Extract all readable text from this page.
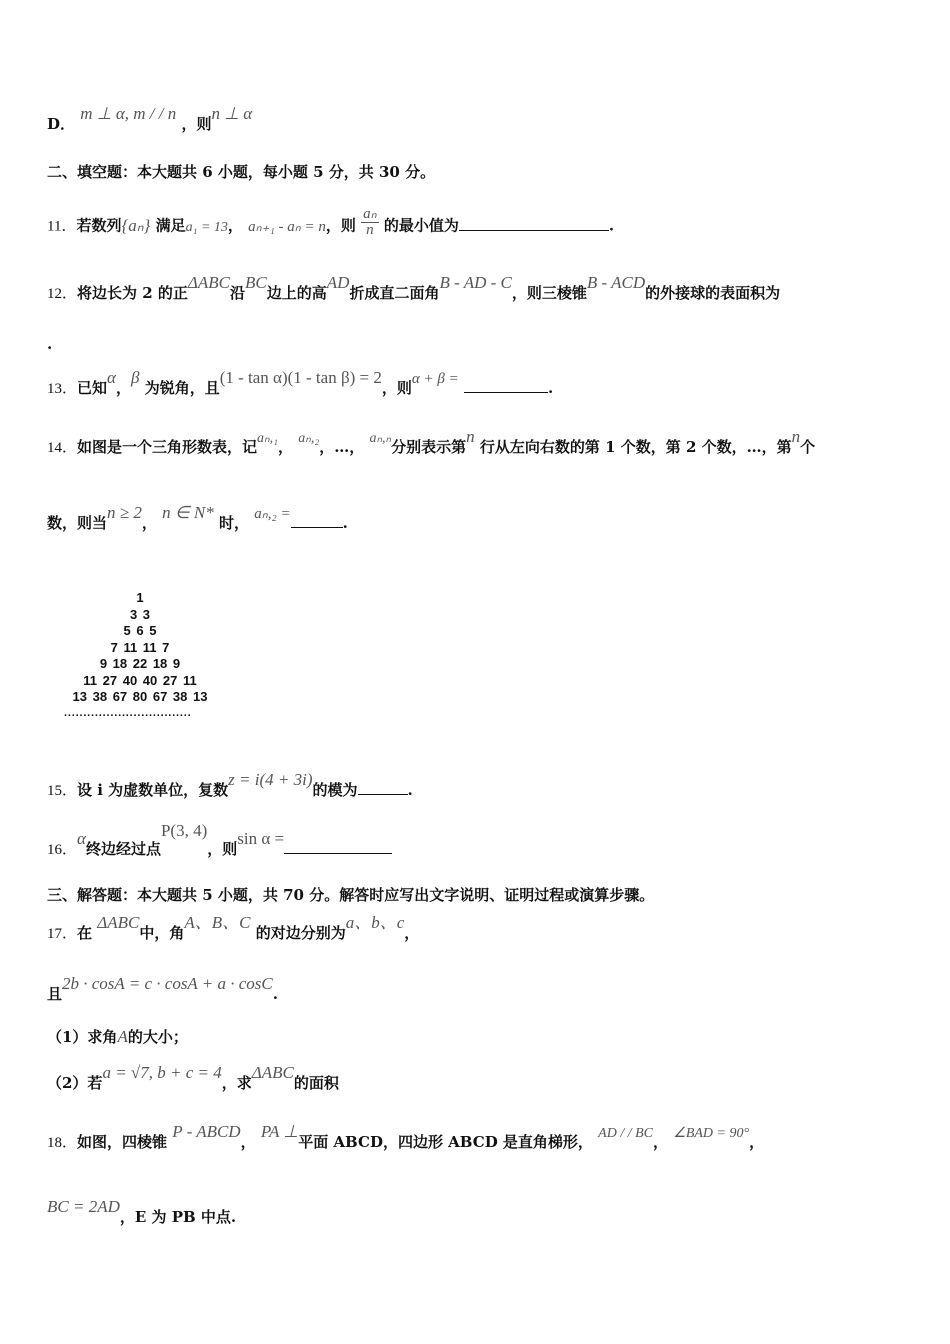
D． m ⊥ α, m / / n ，则n ⊥ α
二、填空题：本大题共 6 小题，每小题 5 分，共 30 分。
11．若数列{aₙ} 满足a₁ = 13， aₙ₊₁ - aₙ = n，则 $\frac{\text{aₙ}}{n}$ 的最小值为	.
12．将边长为 2 的正ΔABC沿BC边上的高AD折成直二面角B - AD - C，则三棱锥B - ACD的外接球的表面积为
.
13．已知α，β 为锐角，且(1 - tan α)(1 - tan β) = 2，则α + β =	.
14．如图是一个三角形数表，记aₙ,₁， aₙ,₂，…， aₙ,ₙ分别表示第n 行从左向右数的第 1 个数，第 2 个数，…，第n个
数，则当n ≥ 2， n ∈ N* 时， aₙ,₂ =	.
1
3 3
5 6 5
7 11 11 7
9 18 22 18 9
11 27 40 40 27 11
13 38 67 80 67 38 13
·································
15．设 i 为虚数单位，复数z = i(4 + 3i)的模为	.
16．α终边经过点P(3, 4)，则sin α =
三、解答题：本大题共 5 小题，共 70 分。解答时应写出文字说明、证明过程或演算步骤。
17．在 ΔABC中，角A、B、C 的对边分别为a、b、c，
且2b · cosA = c · cosA + a · cosC.
（1）求角A的大小；
（2）若a = √7, b + c = 4，求ΔABC的面积
18．如图，四棱锥 P - ABCD， PA ⊥平面 ABCD，四边形 ABCD 是直角梯形， AD / / BC， ∠BAD = 90°，
BC = 2AD，E 为 PB 中点.
